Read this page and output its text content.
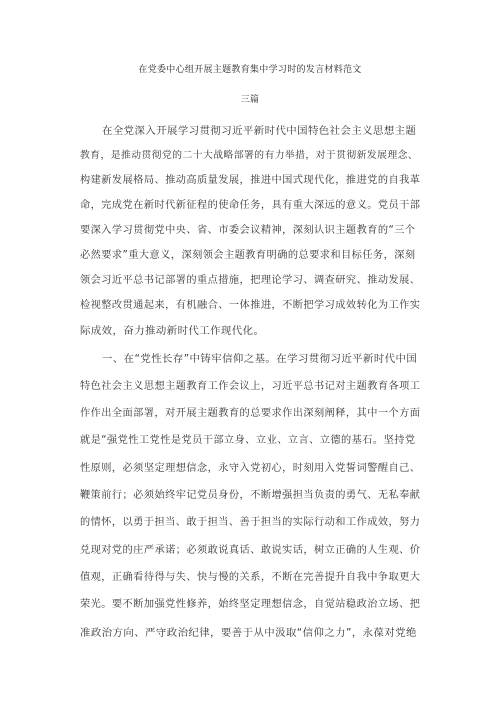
在党委中心组开展主题教育集中学习时的发言材料范文
三篇
在全党深入开展学习贯彻习近平新时代中国特色社会主义思想主题
教育，是推动贯彻党的二十大战略部署的有力举措，对于贯彻新发展理念、
构建新发展格局、推动高质量发展，推进中国式现代化，推进党的自我革
命，完成党在新时代新征程的使命任务，具有重大深远的意义。党员干部
要深入学习贯彻党中央、省、市委会议精神，深刻认识主题教育的“三个
必然要求”重大意义，深刻领会主题教育明确的总要求和目标任务，深刻
领会习近平总书记部署的重点措施，把理论学习、调查研究、推动发展、
检视整改贯通起来，有机融合、一体推进，不断把学习成效转化为工作实
际成效，奋力推动新时代工作现代化。
一、在“党性长存”中铸牢信仰之基。在学习贯彻习近平新时代中国
特色社会主义思想主题教育工作会议上，习近平总书记对主题教育各项工
作作出全面部署，对开展主题教育的总要求作出深刻阐释，其中一个方面
就是“强党性工党性是党员干部立身、立业、立言、立德的基石。坚持党
性原则，必须坚定理想信念，永守入党初心，时刻用入党誓词警醒自己、
鞭策前行；必须始终牢记党员身份，不断增强担当负责的勇气、无私奉献
的情怀，以勇于担当、敢于担当、善于担当的实际行动和工作成效，努力
兑现对党的庄严承诺；必须敢说真话、敢说实话，树立正确的人生观、价
值观，正确看待得与失、快与慢的关系，不断在完善提升自我中争取更大
荣光。要不断加强党性修养，始终坚定理想信念，自觉站稳政治立场、把
准政治方向、严守政治纪律，要善于从中汲取“信仰之力”，永葆对党绝
